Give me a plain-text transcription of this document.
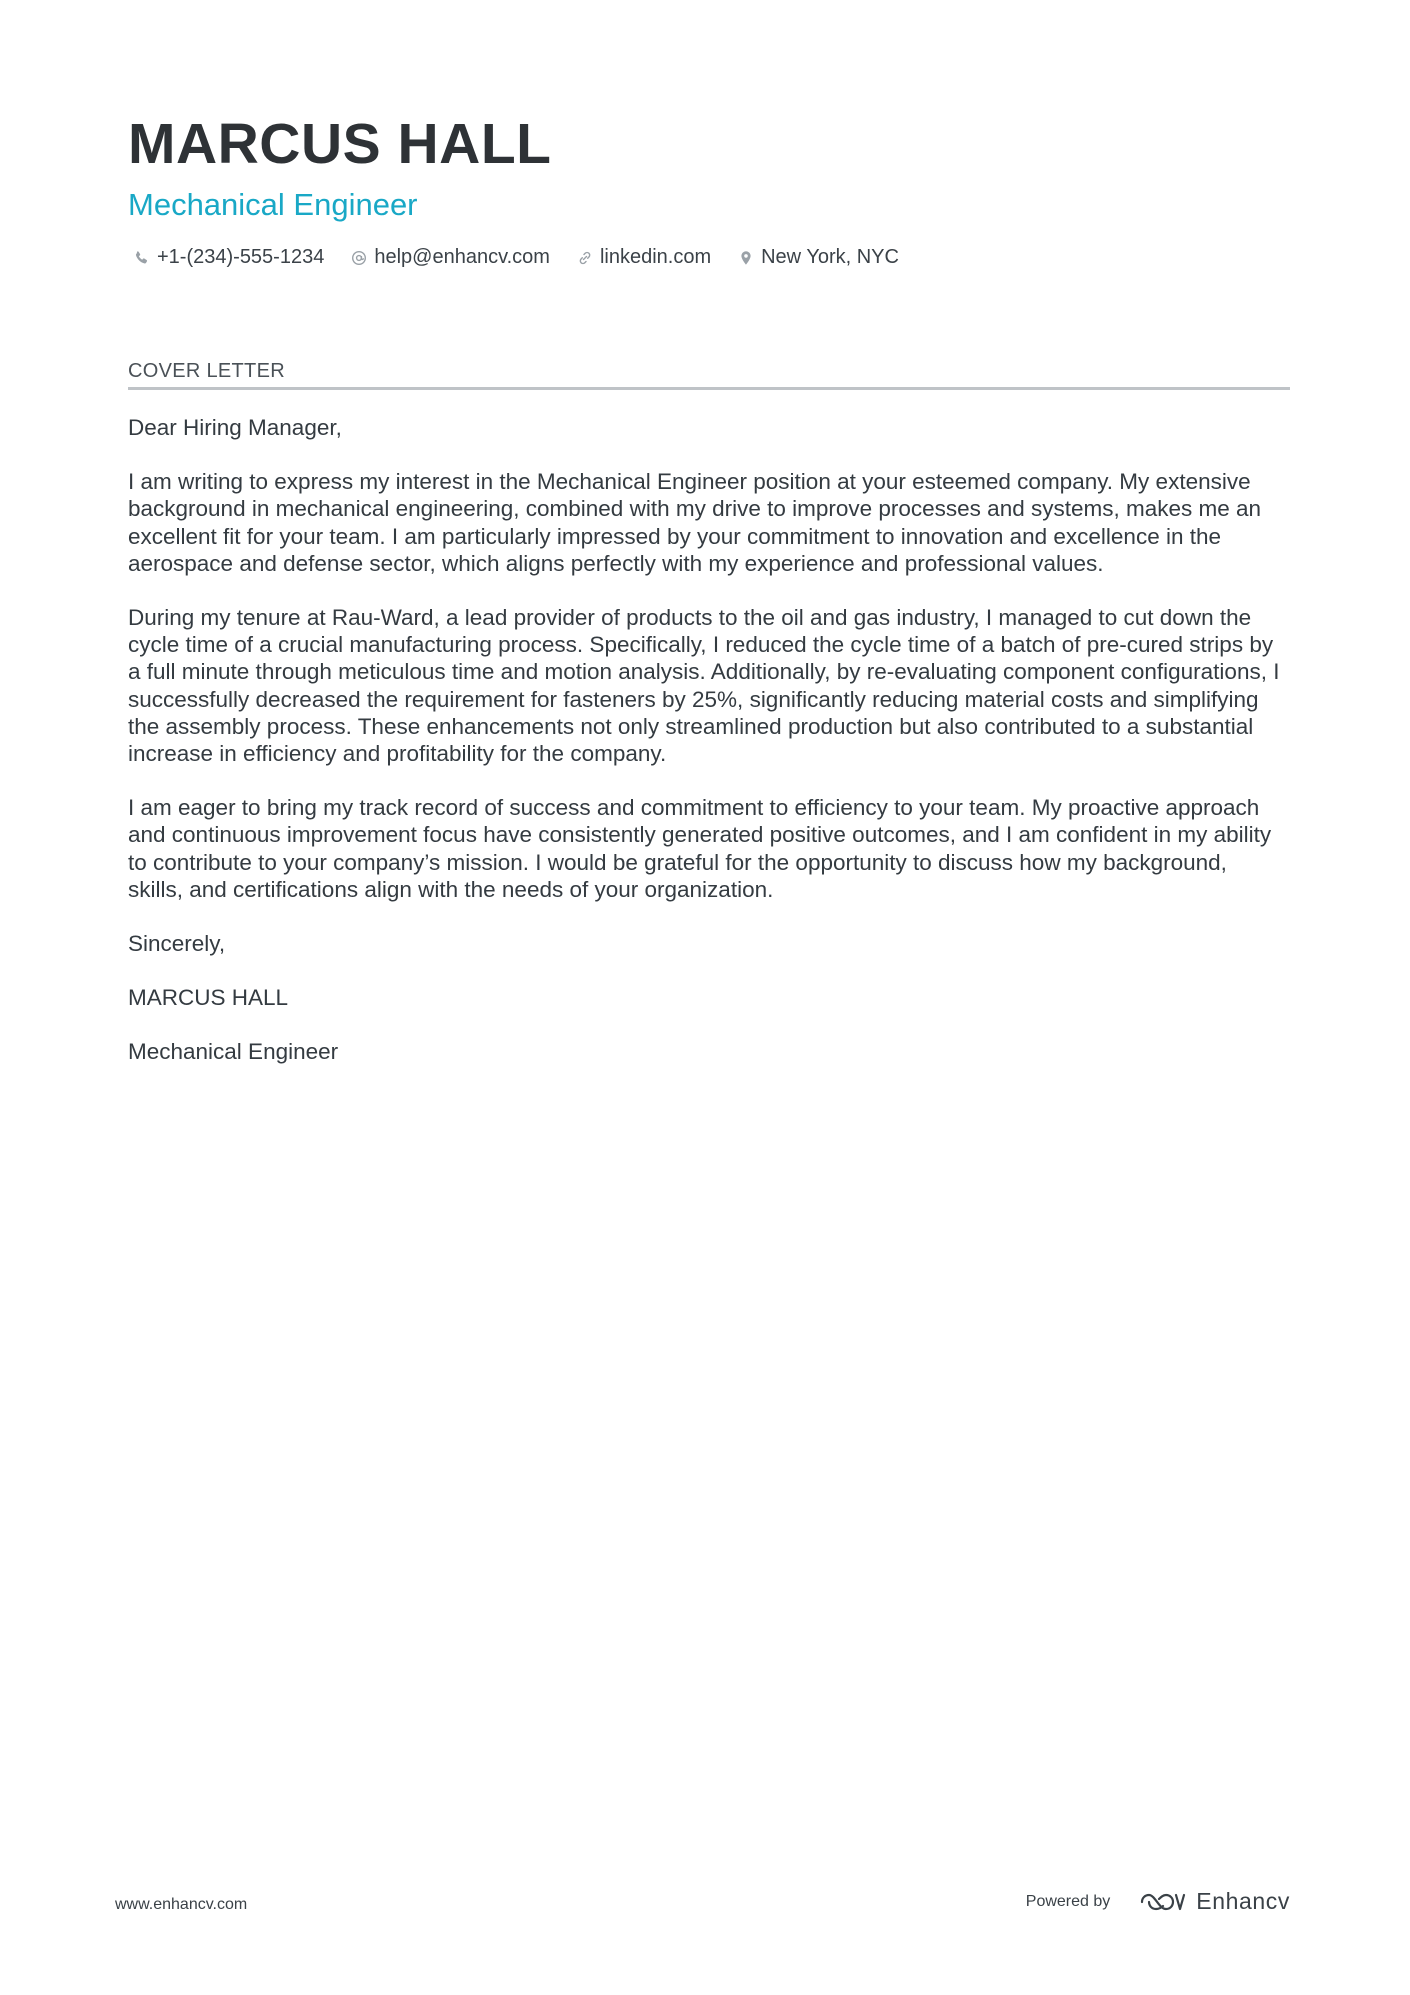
MARCUS HALL
Mechanical Engineer
+1-(234)-555-1234	help@enhancv.com	linkedin.com	New York, NYC
COVER LETTER

Dear Hiring Manager,

I am writing to express my interest in the Mechanical Engineer position at your esteemed company. My extensive background in mechanical engineering, combined with my drive to improve processes and systems, makes me an excellent fit for your team. I am particularly impressed by your commitment to innovation and excellence in the aerospace and defense sector, which aligns perfectly with my experience and professional values.

During my tenure at Rau-Ward, a lead provider of products to the oil and gas industry, I managed to cut down the cycle time of a crucial manufacturing process. Specifically, I reduced the cycle time of a batch of pre-cured strips by a full minute through meticulous time and motion analysis. Additionally, by re-evaluating component configurations, I successfully decreased the requirement for fasteners by 25%, significantly reducing material costs and simplifying the assembly process. These enhancements not only streamlined production but also contributed to a substantial increase in efficiency and profitability for the company.

I am eager to bring my track record of success and commitment to efficiency to your team. My proactive approach and continuous improvement focus have consistently generated positive outcomes, and I am confident in my ability to contribute to your company’s mission. I would be grateful for the opportunity to discuss how my background, skills, and certifications align with the needs of your organization.

Sincerely,

MARCUS HALL

Mechanical Engineer

www.enhancv.com	Powered by	Enhancv
